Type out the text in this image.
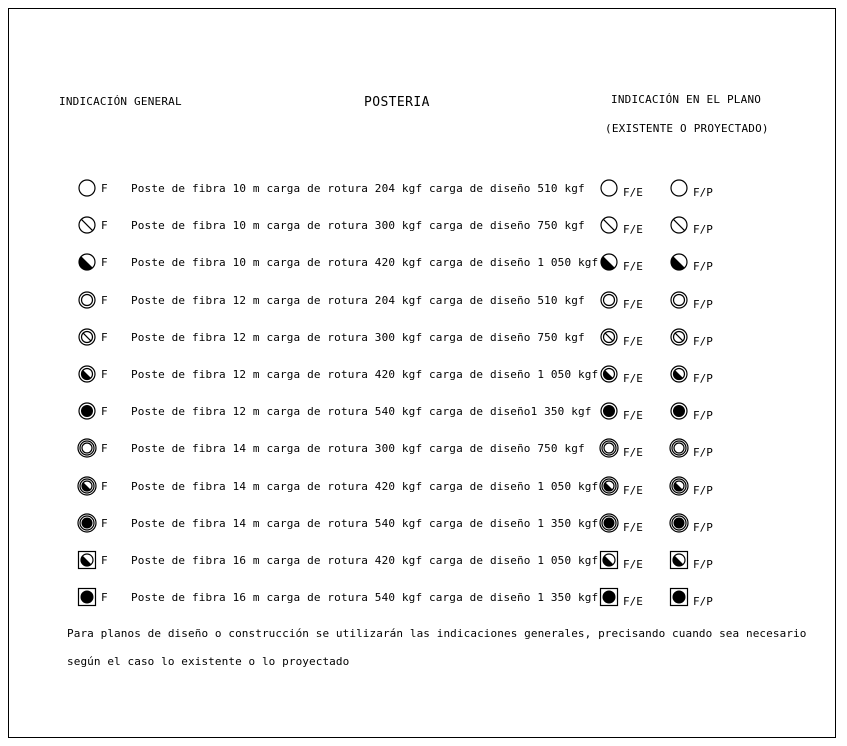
INDICACIÓN GENERAL	POSTERIA	INDICACIÓN EN EL PLANO
(EXISTENTE O PROYECTADO)
F Poste de fibra 10 m carga de rotura 204 kgf carga de diseño 510 kgf	F/E	F/P
F Poste de fibra 10 m carga de rotura 300 kgf carga de diseño 750 kgf	F/E	F/P
F Poste de fibra 10 m carga de rotura 420 kgf carga de diseño 1 050 kgf F/E	F/P
F Poste de fibra 12 m carga de rotura 204 kgf carga de diseño 510 kgf	F/E	F/P
F Poste de fibra 12 m carga de rotura 300 kgf carga de diseño 750 kgf	F/E	F/P
F Poste de fibra 12 m carga de rotura 420 kgf carga de diseño 1 050 kgf F/E	F/P
F Poste de fibra 12 m carga de rotura 540 kgf carga de diseño1 350 kgf	F/E	F/P
F Poste de fibra 14 m carga de rotura 300 kgf carga de diseño 750 kgf	F/E	F/P
F Poste de fibra 14 m carga de rotura 420 kgf carga de diseño 1 050 kgf F/E	F/P
F Poste de fibra 14 m carga de rotura 540 kgf carga de diseño 1 350 kgf F/E	F/P
F Poste de fibra 16 m carga de rotura 420 kgf carga de diseño 1 050 kgf F/E	F/P
F Poste de fibra 16 m carga de rotura 540 kgf carga de diseño 1 350 kgf F/E	F/P
Para planos de diseño o construcción se utilizarán las indicaciones generales, precisando cuando sea necesario
según el caso lo existente o lo proyectado
